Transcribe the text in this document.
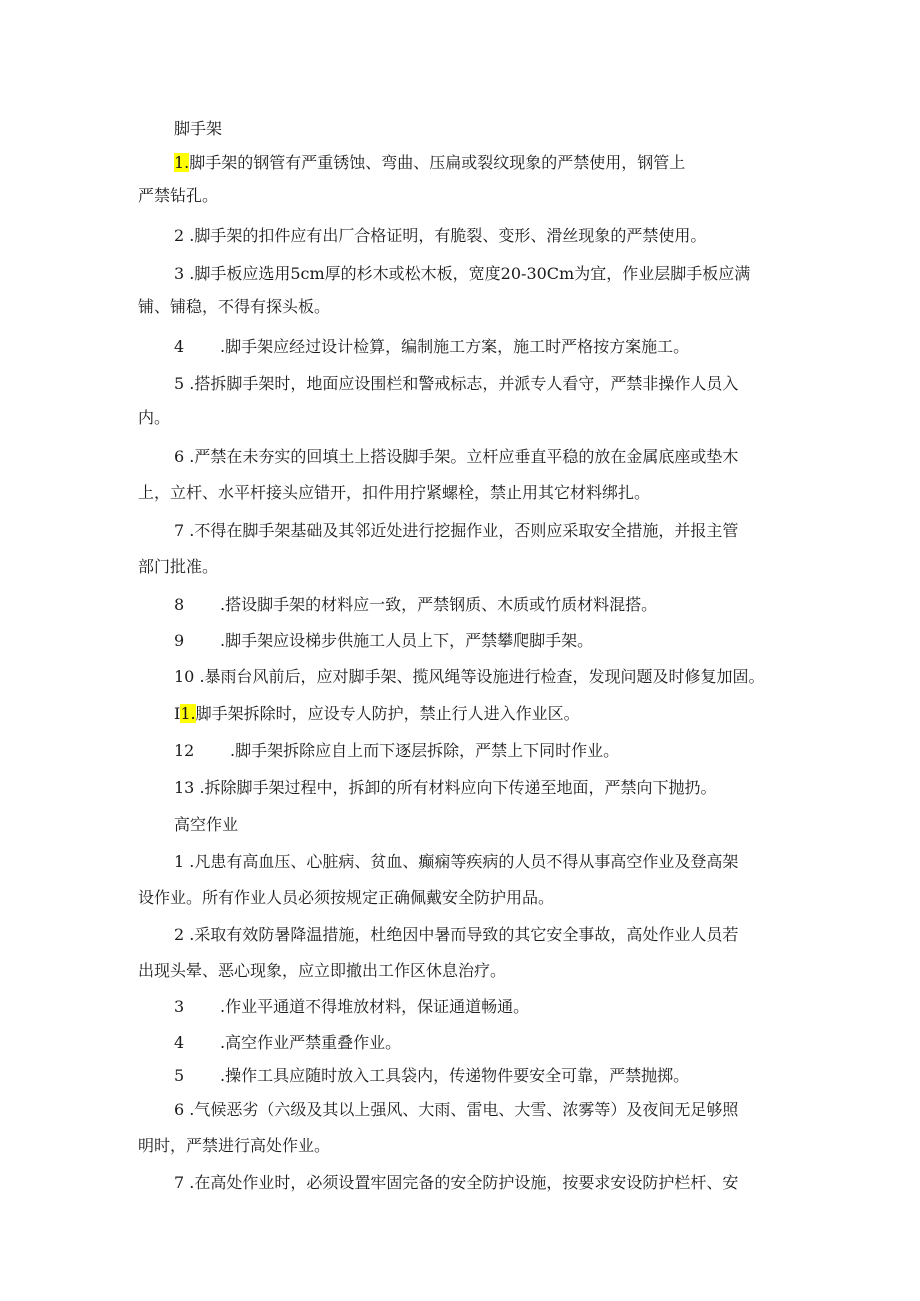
脚手架
1.脚手架的钢管有严重锈蚀、弯曲、压扁或裂纹现象的严禁使用，钢管上
严禁钻孔。
2 .脚手架的扣件应有出厂合格证明，有脆裂、变形、滑丝现象的严禁使用。
3 .脚手板应选用5cm厚的杉木或松木板，宽度20-30Cm为宜，作业层脚手板应满
铺、铺稳，不得有探头板。
4 .脚手架应经过设计检算，编制施工方案，施工时严格按方案施工。
5 .搭拆脚手架时，地面应设围栏和警戒标志，并派专人看守，严禁非操作人员入
内。
6 .严禁在未夯实的回填土上搭设脚手架。立杆应垂直平稳的放在金属底座或垫木
上，立杆、水平杆接头应错开，扣件用拧紧螺栓，禁止用其它材料绑扎。
7 .不得在脚手架基础及其邻近处进行挖掘作业，否则应采取安全措施，并报主管
部门批准。
8 .搭设脚手架的材料应一致，严禁钢质、木质或竹质材料混搭。
9 .脚手架应设梯步供施工人员上下，严禁攀爬脚手架。
10 .暴雨台风前后，应对脚手架、揽风绳等设施进行检查，发现问题及时修复加固。
I1.脚手架拆除时，应设专人防护，禁止行人进入作业区。
12 .脚手架拆除应自上而下逐层拆除，严禁上下同时作业。
13 .拆除脚手架过程中，拆卸的所有材料应向下传递至地面，严禁向下抛扔。
高空作业
1 .凡患有高血压、心脏病、贫血、癫痫等疾病的人员不得从事高空作业及登高架
设作业。所有作业人员必须按规定正确佩戴安全防护用品。
2 .采取有效防暑降温措施，杜绝因中暑而导致的其它安全事故，高处作业人员若
出现头晕、恶心现象，应立即撤出工作区休息治疗。
3 .作业平通道不得堆放材料，保证通道畅通。
4 .高空作业严禁重叠作业。
5 .操作工具应随时放入工具袋内，传递物件要安全可靠，严禁抛掷。
6 .气候恶劣（六级及其以上强风、大雨、雷电、大雪、浓雾等）及夜间无足够照
明时，严禁进行高处作业。
7 .在高处作业时，必须设置牢固完备的安全防护设施，按要求安设防护栏杆、安
